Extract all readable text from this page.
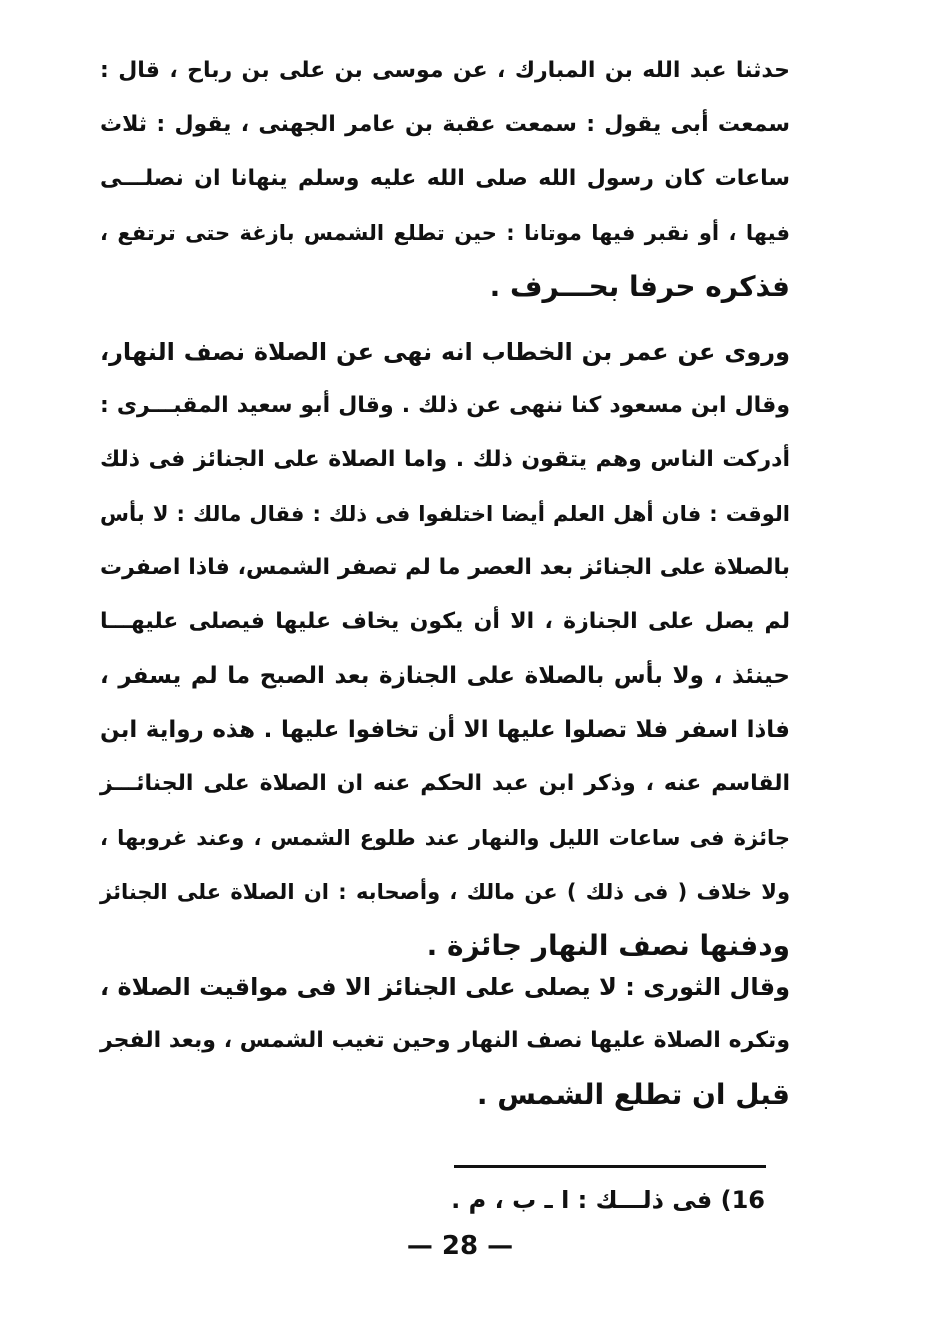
حدثنا عبد الله بن المبارك ، عن موسى بن على بن رباح ، قال :
سمعت أبى يقول : سمعت عقبة بن عامر الجهنى ، يقول : ثلاث
ساعات كان رسول الله صلى الله عليه وسلم ينهانا ان نصلـــى
فيها ، أو نقبر فيها موتانا : حين تطلع الشمس بازغة حتى ترتفع ،
فذكره حرفا بحـــرف .
وروى عن عمر بن الخطاب انه نهى عن الصلاة نصف النهار،
وقال ابن مسعود كنا ننهى عن ذلك . وقال أبو سعيد المقبـــرى :
أدركت الناس وهم يتقون ذلك . واما الصلاة على الجنائز فى ذلك
الوقت : فان أهل العلم أيضا اختلفوا فى ذلك : فقال مالك : لا بأس
بالصلاة على الجنائز بعد العصر ما لم تصفر الشمس، فاذا اصفرت
لم يصل على الجنازة ، الا أن يكون يخاف عليها فيصلى عليهـــا
حينئذ ، ولا بأس بالصلاة على الجنازة بعد الصبح ما لم يسفر ،
فاذا اسفر فلا تصلوا عليها الا أن تخافوا عليها . هذه رواية ابن
القاسم عنه ، وذكر ابن عبد الحكم عنه ان الصلاة على الجنائـــز
جائزة فى ساعات الليل والنهار عند طلوع الشمس ، وعند غروبها ،
ولا خلاف ( فى ذلك ) عن مالك ، وأصحابه : ان الصلاة على الجنائز
ودفنها نصف النهار جائزة .
وقال الثورى : لا يصلى على الجنائز الا فى مواقيت الصلاة ،
وتكره الصلاة عليها نصف النهار وحين تغيب الشمس ، وبعد الفجر
قبل ان تطلع الشمس .
16) فى ذلـــك : ا ـ ب ، م .
— 28 —
